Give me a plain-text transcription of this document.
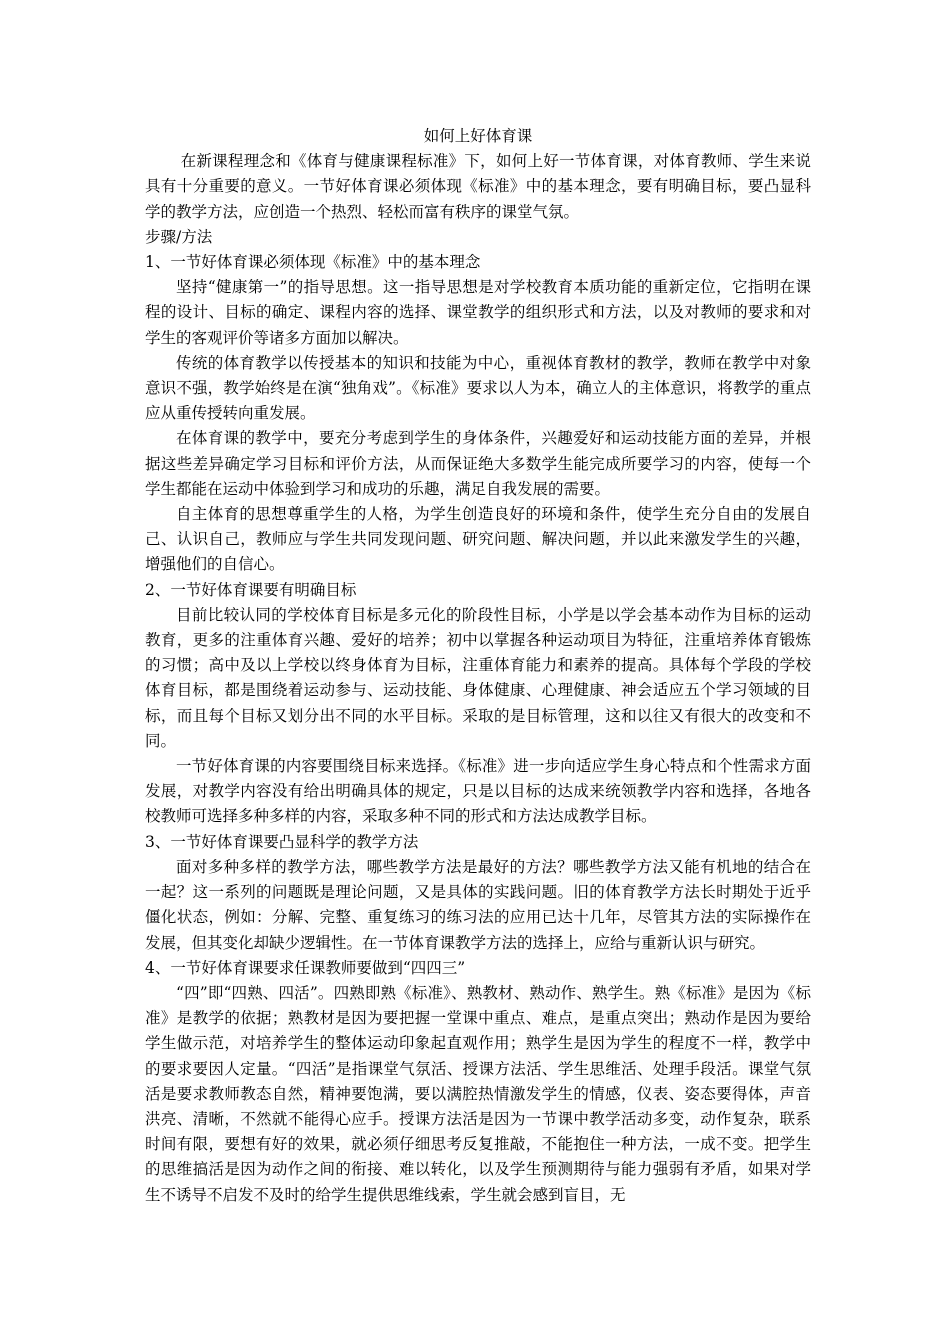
如何上好体育课

在新课程理念和《体育与健康课程标准》下，如何上好一节体育课，对体育教师、学生来说具有十分重要的意义。一节好体育课必须体现《标准》中的基本理念，要有明确目标，要凸显科学的教学方法，应创造一个热烈、轻松而富有秩序的课堂气氛。

步骤/方法

1、一节好体育课必须体现《标准》中的基本理念

坚持“健康第一”的指导思想。这一指导思想是对学校教育本质功能的重新定位，它指明在课程的设计、目标的确定、课程内容的选择、课堂教学的组织形式和方法，以及对教师的要求和对学生的客观评价等诸多方面加以解决。

传统的体育教学以传授基本的知识和技能为中心，重视体育教材的教学，教师在教学中对象意识不强，教学始终是在演“独角戏”。《标准》要求以人为本，确立人的主体意识，将教学的重点应从重传授转向重发展。

在体育课的教学中，要充分考虑到学生的身体条件，兴趣爱好和运动技能方面的差异，并根据这些差异确定学习目标和评价方法，从而保证绝大多数学生能完成所要学习的内容，使每一个学生都能在运动中体验到学习和成功的乐趣，满足自我发展的需要。

自主体育的思想尊重学生的人格，为学生创造良好的环境和条件，使学生充分自由的发展自己、认识自己，教师应与学生共同发现问题、研究问题、解决问题，并以此来激发学生的兴趣，增强他们的自信心。

2、一节好体育课要有明确目标

目前比较认同的学校体育目标是多元化的阶段性目标，小学是以学会基本动作为目标的运动教育，更多的注重体育兴趣、爱好的培养；初中以掌握各种运动项目为特征，注重培养体育锻炼的习惯；高中及以上学校以终身体育为目标，注重体育能力和素养的提高。具体每个学段的学校体育目标，都是围绕着运动参与、运动技能、身体健康、心理健康、神会适应五个学习领域的目标，而且每个目标又划分出不同的水平目标。采取的是目标管理，这和以往又有很大的改变和不同。

一节好体育课的内容要围绕目标来选择。《标准》进一步向适应学生身心特点和个性需求方面发展，对教学内容没有给出明确具体的规定，只是以目标的达成来统领教学内容和选择，各地各校教师可选择多种多样的内容，采取多种不同的形式和方法达成教学目标。

3、一节好体育课要凸显科学的教学方法

面对多种多样的教学方法，哪些教学方法是最好的方法？哪些教学方法又能有机地的结合在一起？这一系列的问题既是理论问题，又是具体的实践问题。旧的体育教学方法长时期处于近乎僵化状态，例如：分解、完整、重复练习的练习法的应用已达十几年，尽管其方法的实际操作在发展，但其变化却缺少逻辑性。在一节体育课教学方法的选择上，应给与重新认识与研究。

4、一节好体育课要求任课教师要做到“四四三”

“四”即“四熟、四活”。四熟即熟《标准》、熟教材、熟动作、熟学生。熟《标准》是因为《标准》是教学的依据；熟教材是因为要把握一堂课中重点、难点，是重点突出；熟动作是因为要给学生做示范，对培养学生的整体运动印象起直观作用；熟学生是因为学生的程度不一样，教学中的要求要因人定量。“四活”是指课堂气氛活、授课方法活、学生思维活、处理手段活。课堂气氛活是要求教师教态自然，精神要饱满，要以满腔热情激发学生的情感，仪表、姿态要得体，声音洪亮、清晰，不然就不能得心应手。授课方法活是因为一节课中教学活动多变，动作复杂，联系时间有限，要想有好的效果，就必须仔细思考反复推敲，不能抱住一种方法，一成不变。把学生的思维搞活是因为动作之间的衔接、难以转化，以及学生预测期待与能力强弱有矛盾，如果对学生不诱导不启发不及时的给学生提供思维线索，学生就会感到盲目，无
